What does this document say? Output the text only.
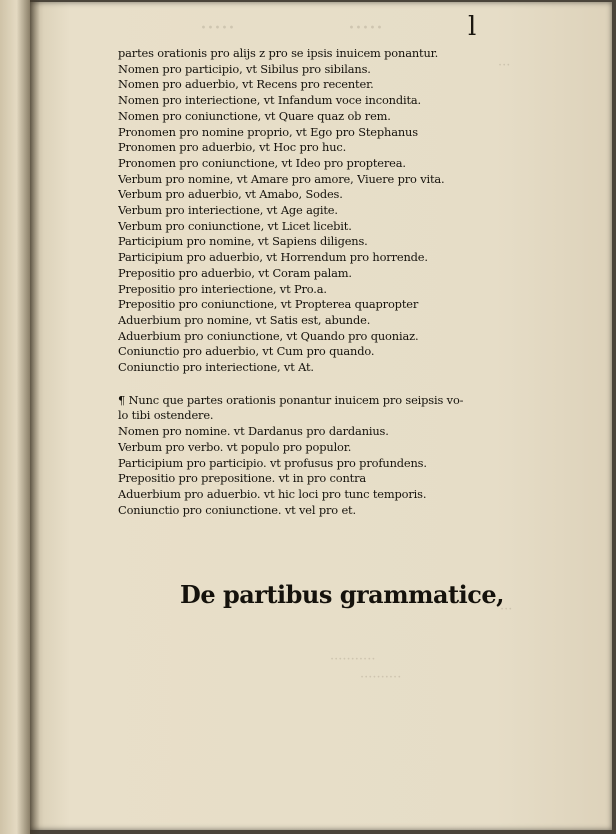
l
·····	·····
···········
··········
···
···
partes orationis pro alijs z pro se ipsis inuicem ponantur.
Nomen pro participio, vt Sibilus pro sibilans.
Nomen pro aduerbio, vt Recens pro recenter.
Nomen pro interiectione, vt Infandum voce incondita.
Nomen pro coniunctione, vt Quare quaz ob rem.
Pronomen pro nomine proprio, vt Ego pro Stephanus
Pronomen pro aduerbio, vt Hoc pro huc.
Pronomen pro coniunctione, vt Ideo pro propterea.
Verbum pro nomine, vt Amare pro amore, Viuere pro vita.
Verbum pro aduerbio, vt Amabo, Sodes.
Verbum pro interiectione, vt Age agite.
Verbum pro coniunctione, vt Licet licebit.
Participium pro nomine, vt Sapiens diligens.
Participium pro aduerbio, vt Horrendum pro horrende.
Prepositio pro aduerbio, vt Coram palam.
Prepositio pro interiectione, vt Pro.a.
Prepositio pro coniunctione, vt Propterea quapropter
Aduerbium pro nomine, vt Satis est, abunde.
Aduerbium pro coniunctione, vt Quando pro quoniaz.
Coniunctio pro aduerbio, vt Cum pro quando.
Coniunctio pro interiectione, vt At.
¶ Nunc que partes orationis ponantur inuicem pro seipsis vo-
lo tibi ostendere.
Nomen pro nomine. vt Dardanus pro dardanius.
Verbum pro verbo. vt populo pro populor.
Participium pro participio. vt profusus pro profundens.
Prepositio pro prepositione. vt in pro contra
Aduerbium pro aduerbio. vt hic loci pro tunc temporis.
Coniunctio pro coniunctione. vt vel pro et.
De partibus grammatice,
